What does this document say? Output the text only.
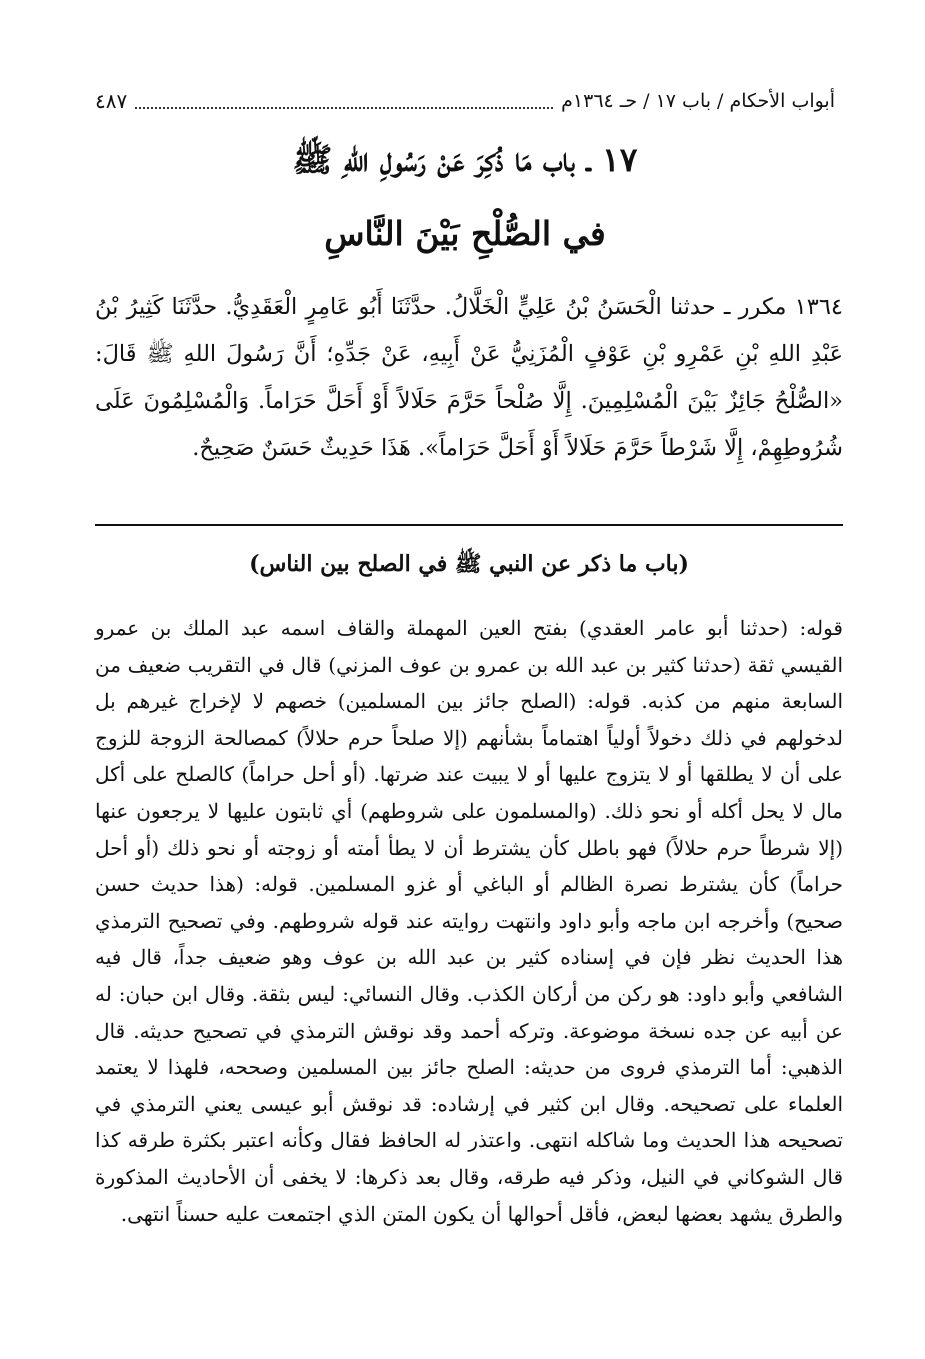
أبواب الأحكام / باب ١٧ / حـ ١٣٦٤م
٤٨٧
١٧ ـ باب مَا ذُكِرَ عَنْ رَسُولِ اللهِ ﷺ
في الصُّلْحِ بَيْنَ النَّاسِ

١٣٦٤ مكرر ـ حدثنا الْحَسَنُ بْنُ عَلِيٍّ الْخَلَّالُ. حدَّثَنَا أَبُو عَامِرٍ الْعَقَدِيُّ. حدَّثَنَا كَثِيرُ بْنُ عَبْدِ اللهِ بْنِ عَمْرِو بْنِ عَوْفٍ الْمُزَنِيُّ عَنْ أَبِيهِ، عَنْ جَدِّهِ؛ أَنَّ رَسُولَ اللهِ ﷺ قَالَ: «الصُّلْحُ جَائِزٌ بَيْنَ الْمُسْلِمِينَ. إِلَّا صُلْحاً حَرَّمَ حَلَالاً أَوْ أَحَلَّ حَرَاماً. وَالْمُسْلِمُونَ عَلَى شُرُوطِهِمْ، إِلَّا شَرْطاً حَرَّمَ حَلَالاً أَوْ أَحَلَّ حَرَاماً». هَذَا حَدِيثٌ حَسَنٌ صَحِيحٌ.

(باب ما ذكر عن النبي ﷺ في الصلح بين الناس)

قوله: (حدثنا أبو عامر العقدي) بفتح العين المهملة والقاف اسمه عبد الملك بن عمرو القيسي ثقة (حدثنا كثير بن عبد الله بن عمرو بن عوف المزني) قال في التقريب ضعيف من السابعة منهم من كذبه. قوله: (الصلح جائز بين المسلمين) خصهم لا لإخراج غيرهم بل لدخولهم في ذلك دخولاً أولياً اهتماماً بشأنهم (إلا صلحاً حرم حلالاً) كمصالحة الزوجة للزوج على أن لا يطلقها أو لا يتزوج عليها أو لا يبيت عند ضرتها. (أو أحل حراماً) كالصلح على أكل مال لا يحل أكله أو نحو ذلك. (والمسلمون على شروطهم) أي ثابتون عليها لا يرجعون عنها (إلا شرطاً حرم حلالاً) فهو باطل كأن يشترط أن لا يطأ أمته أو زوجته أو نحو ذلك (أو أحل حراماً) كأن يشترط نصرة الظالم أو الباغي أو غزو المسلمين. قوله: (هذا حديث حسن صحيح) وأخرجه ابن ماجه وأبو داود وانتهت روايته عند قوله شروطهم. وفي تصحيح الترمذي هذا الحديث نظر فإن في إسناده كثير بن عبد الله بن عوف وهو ضعيف جداً، قال فيه الشافعي وأبو داود: هو ركن من أركان الكذب. وقال النسائي: ليس بثقة. وقال ابن حبان: له عن أبيه عن جده نسخة موضوعة. وتركه أحمد وقد نوقش الترمذي في تصحيح حديثه. قال الذهبي: أما الترمذي فروى من حديثه: الصلح جائز بين المسلمين وصححه، فلهذا لا يعتمد العلماء على تصحيحه. وقال ابن كثير في إرشاده: قد نوقش أبو عيسى يعني الترمذي في تصحيحه هذا الحديث وما شاكله انتهى. واعتذر له الحافظ فقال وكأنه اعتبر بكثرة طرقه كذا قال الشوكاني في النيل، وذكر فيه طرقه، وقال بعد ذكرها: لا يخفى أن الأحاديث المذكورة والطرق يشهد بعضها لبعض، فأقل أحوالها أن يكون المتن الذي اجتمعت عليه حسناً انتهى.
